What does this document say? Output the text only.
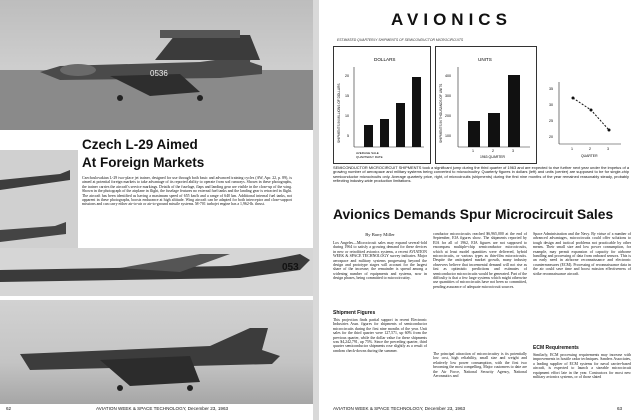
0536
Czech L-29 Aimed
At Foreign Markets
Czechoslovakian L-29 two-place jet trainer, designed for use through both basic and advanced training cycles (AW, Apr. 22, p. 89), is aimed at potential foreign markets to take advantage of its reported ability to operate from sod runways. Shown in these photographs, the trainer carries the aircraft's service markings. Details of the fuselage, flaps and landing gear are visible in the close-up of the wing. Shown in the photograph of the airplane in flight, the fuselage features no external fuel tanks and the landing gear is retracted in flight. The aircraft has been identified as having a maximum speed of 655 km/h and a range of 640 km. Additional internal fuel tanks, not apparent in these photographs, boosts endurance at high altitude. Wing aircraft can be adapted for both interceptor and close-support missions and can carry either air-to-air or air-to-ground missile systems. M-701 turbojet engine has a 1,962-lb. thrust.
053
62	AVIATION WEEK & SPACE TECHNOLOGY, December 23, 1963
AVIONICS
ESTIMATED QUARTERLY SHIPMENTS OF SEMICONDUCTOR MICROCIRCUITS
DOLLARS
SHIPMENTS IN MILLIONS OF DOLLARS
20
15
10
5
AVERAGE SALE
QUARTERLY RATE
UNITS
SHIPMENTS IN THOUSANDS OF UNITS
400
300
200
100
1	2	3
1963 QUARTER
35
30
25
20
1	2	3
QUARTER
SEMICONDUCTOR MICROCIRCUIT SHIPMENTS took a significant jump during the third quarter of 1963 and are expected to rise further next year under the impetus of a growing number of aerospace and military systems being converted to microcircuitry. Quarterly figures in dollars (left) and units (center) are supposed to be for single-chip semiconductor microcircuits only. Average quarterly price, right, of microcircuits (shipments) during the first nine months of the year remained reasonably steady, probably reflecting industry-wide production limitations.
Avionics Demands Spur Microcircuit Sales
By Barry Miller
Los Angeles—Microcircuit sales may expand several-fold during 1964 to satisfy a growing demand for these devices in new or retrofitted avionics systems, a recent AVIATION WEEK & SPACE TECHNOLOGY survey indicates. Major aerospace and military systems progressing beyond the design and prototype stages will account for the largest share of the increase; the remainder is spread among a widening number of equipments and systems, now in design phases, being committed to microcircuitry.
Shipment Figures
This projection finds partial support in recent Electronic Industries Assn. figures for shipments of semiconductor microcircuits during the first nine months of the year. Unit sales for the third quarter were 127,571, up 60% from the previous quarter, while the dollar value for these shipments was $4,242,791, up 75%. Since the preceding quarter, third quarter semiconductor shipments rose slightly as a result of random check-downs during the summer.
conductor microcircuits reached $6,965,000 at the end of September, EIA figures show. The shipments reported by EIA for all of 1962, EIA figures are not supposed to encompass multiple-chip semiconductor microcircuits, which at least model quantities were delivered, hybrid microcircuits, or various types as thin-film microcircuits. Despite the anticipated market growth, many industry observers believe that incremental demand will not rise as fast as optimistic predictions and estimates of semiconductor microcircuits would be generated. Part of the difficulty is that a few large systems which might otherwise use quantities of microcircuits have not been so committed, pending assurance of adequate microcircuit sources.
The principal attraction of microcircuitry is its potentially low cost, high reliability, small size and weight and relatively low power consumption, with the first two becoming the most compelling. Major customers to date are the Air Force, National Security Agency, National Aeronautics and
Space Administration and the Navy. By virtue of a number of advanced advantages, microcircuits could offer solutions to tough design and tactical problems not practicable by other means. Their small size and low power consumption, for example, may permit expansion of capacity for airborne handling and processing of data from onboard sensors. This is an early need in airborne reconnaissance and electronic countermeasures (ECM). Processing of reconnaissance data in the air could save time and boost mission effectiveness of strike reconnaissance aircraft.
ECM Requirements
Similarly, ECM processing requirements may increase with improvements in hostile radar techniques. Sanders Associates, a leading supplier of ECM systems for naval carrier-based aircraft, is expected to launch a sizeable microcircuit equipment effort late in the year. Contractors for most new military avionics systems, or of those slated
AVIATION WEEK & SPACE TECHNOLOGY, December 23, 1963	63
